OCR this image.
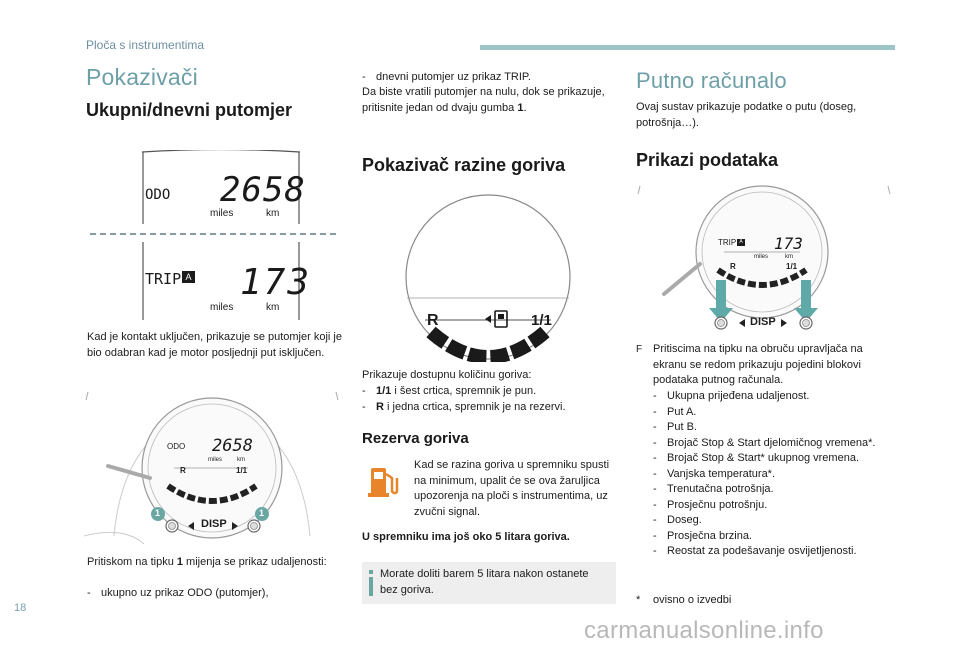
Ploča s instrumentima
Pokazivači
Ukupni/dnevni putomjer
ODO 2658
miles	km
TRIP A 173
miles	km
Kad je kontakt uključen, prikazuje se putomjer koji je bio odabran kad je motor posljednji put isključen.
ODO 2658
miles km
R	1/1
DISP
1	1
Pritiskom na tipku 1 mijenja se prikaz udaljenosti:
- ukupno uz prikaz ODO (putomjer),
- dnevni putomjer uz prikaz TRIP.
Da biste vratili putomjer na nulu, dok se prikazuje, pritisnite jedan od dvaju gumba 1.
Pokazivač razine goriva
R	1/1
Prikazuje dostupnu količinu goriva:
- 1/1 i šest crtica, spremnik je pun.
- R i jedna crtica, spremnik je na rezervi.
Rezerva goriva
Kad se razina goriva u spremniku spusti na minimum, upalit će se ova žaruljica upozorenja na ploči s instrumentima, uz zvučni signal.
U spremniku ima još oko 5 litara goriva.
Morate doliti barem 5 litara nakon ostanete bez goriva.
Putno računalo
Ovaj sustav prikazuje podatke o putu (doseg, potrošnja…).
Prikazi podataka
TRIP A 173
miles	km
R	1/1
DISP
F Pritiscima na tipku na obruču upravljača na ekranu se redom prikazuju pojedini blokovi podataka putnog računala.
- Ukupna prijeđena udaljenost.
- Put A.
- Put B.
- Brojač Stop & Start djelomičnog vremena*.
- Brojač Stop & Start* ukupnog vremena.
- Vanjska temperatura*.
- Trenutačna potrošnja.
- Prosječnu potrošnju.
- Doseg.
- Prosječna brzina.
- Reostat za podešavanje osvijetljenosti.
* ovisno o izvedbi
18
carmanualsonline.info
